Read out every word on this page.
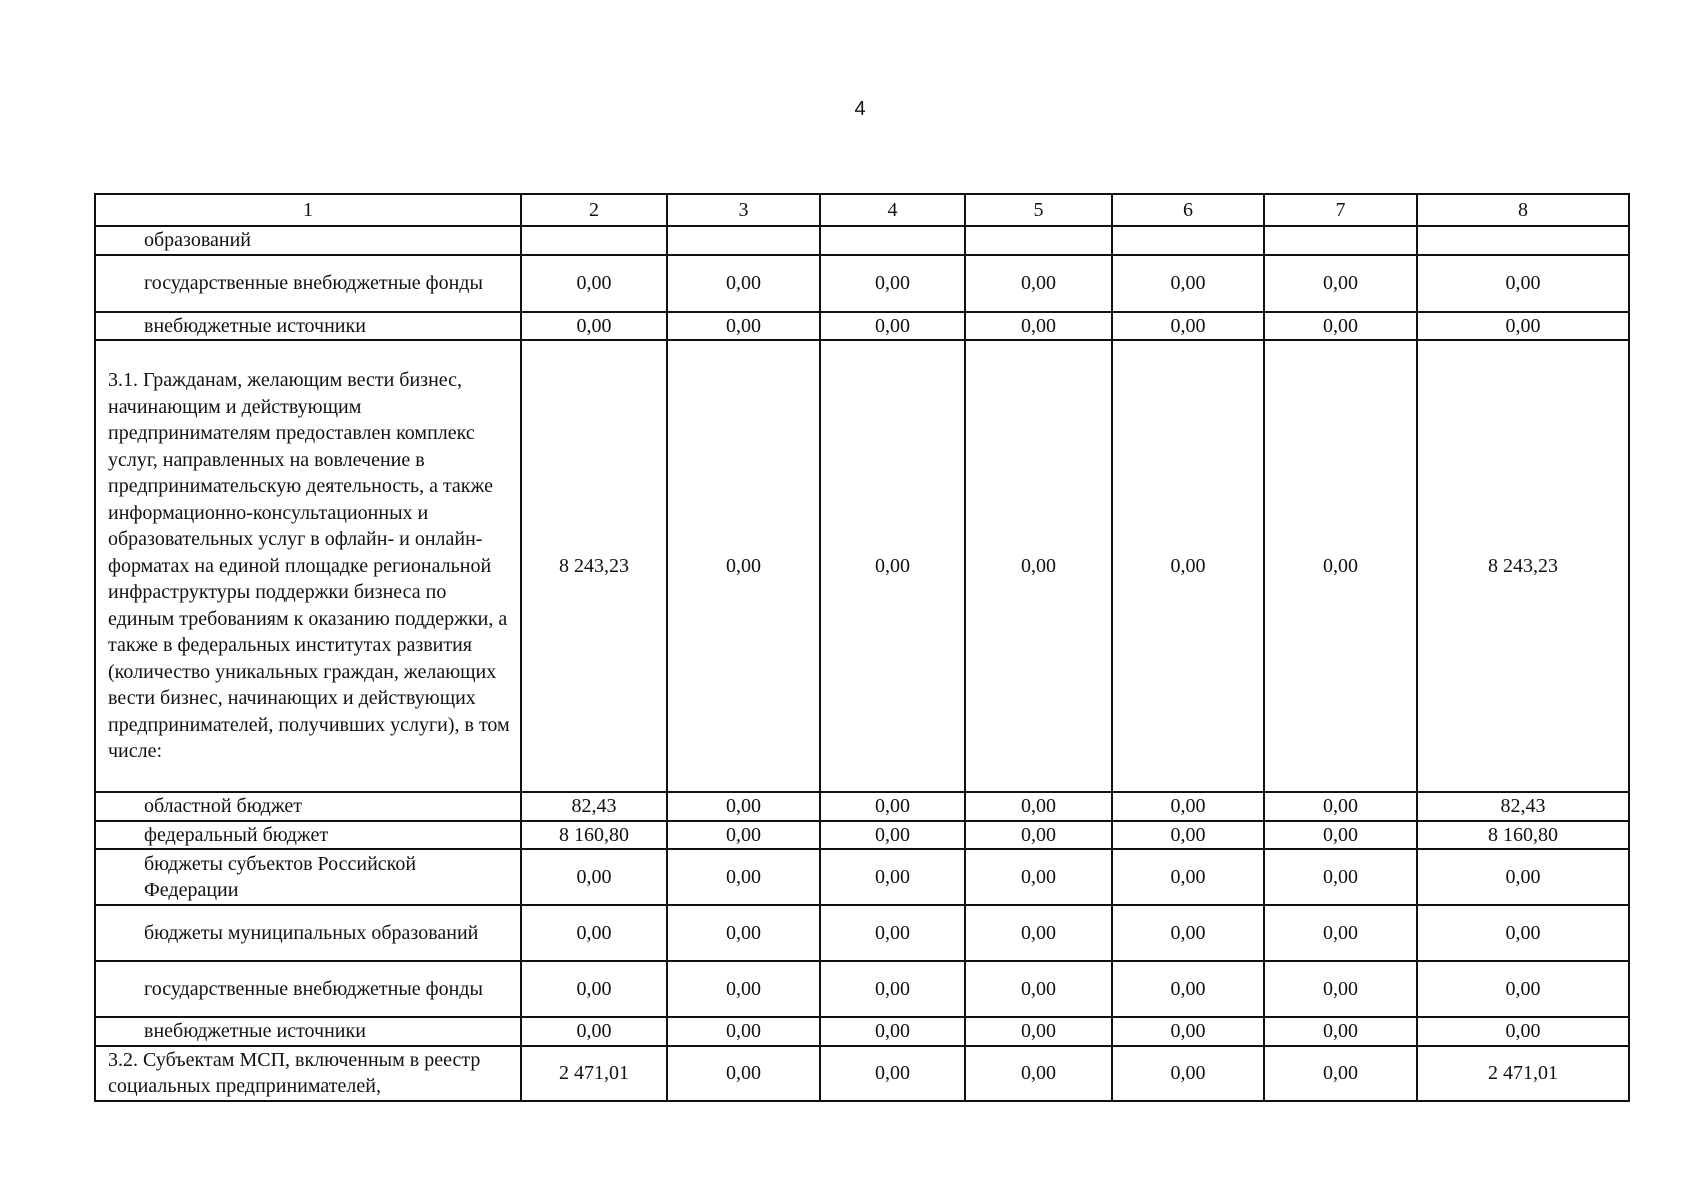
4
1	2	3	4	5	6	7	8
образований							
государственные внебюджетные фонды	0,00	0,00	0,00	0,00	0,00	0,00	0,00
внебюджетные источники	0,00	0,00	0,00	0,00	0,00	0,00	0,00
3.1. Гражданам, желающим вести бизнес, начинающим и действующим предпринимателям предоставлен комплекс услуг, направленных на вовлечение в предпринимательскую деятельность, а также информационно-консультационных и образовательных услуг в офлайн- и онлайн-форматах на единой площадке региональной инфраструктуры поддержки бизнеса по единым требованиям к оказанию поддержки, а также в федеральных институтах развития (количество уникальных граждан, желающих вести бизнес, начинающих и действующих предпринимателей, получивших услуги), в том числе:	8 243,23	0,00	0,00	0,00	0,00	0,00	8 243,23
областной бюджет	82,43	0,00	0,00	0,00	0,00	0,00	82,43
федеральный бюджет	8 160,80	0,00	0,00	0,00	0,00	0,00	8 160,80
бюджеты субъектов Российской Федерации	0,00	0,00	0,00	0,00	0,00	0,00	0,00
бюджеты муниципальных образований	0,00	0,00	0,00	0,00	0,00	0,00	0,00
государственные внебюджетные фонды	0,00	0,00	0,00	0,00	0,00	0,00	0,00
внебюджетные источники	0,00	0,00	0,00	0,00	0,00	0,00	0,00
3.2. Субъектам МСП, включенным в реестр социальных предпринимателей,	2 471,01	0,00	0,00	0,00	0,00	0,00	2 471,01
